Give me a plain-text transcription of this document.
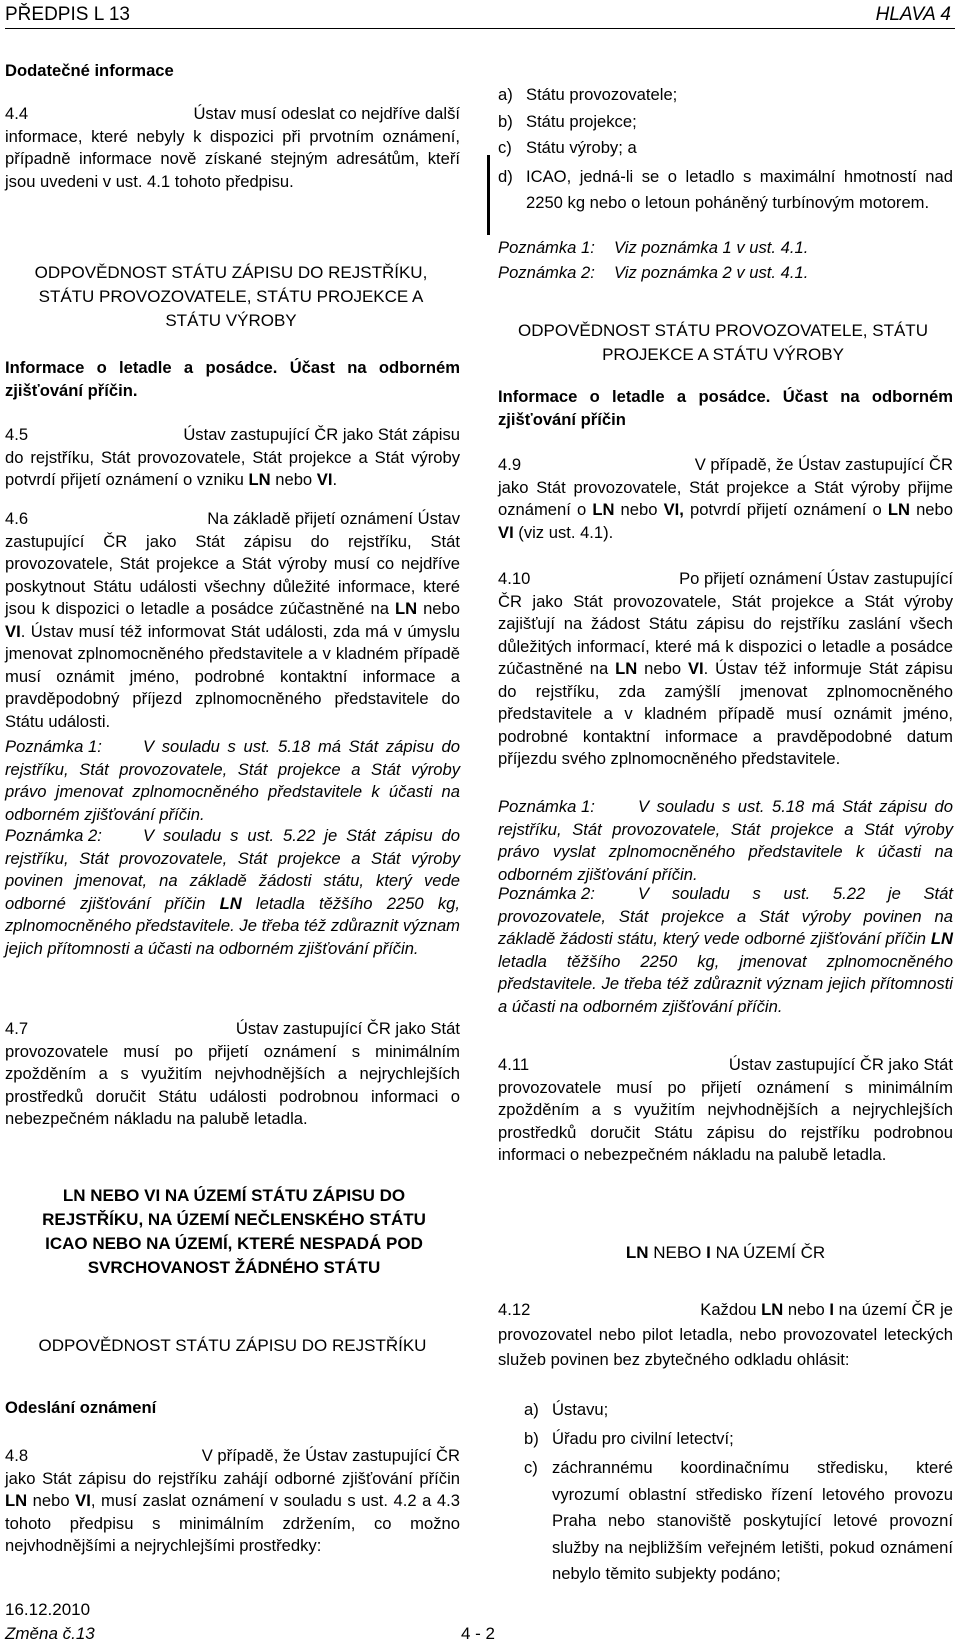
PŘEDPIS L 13	HLAVA 4
Dodatečné informace
4.4	Ústav musí odeslat co nejdříve další
informace, které nebyly k dispozici při prvotním oznámení, případně informace nově získané stejným adresátům, kteří jsou uvedeni v ust. 4.1 tohoto předpisu.
ODPOVĚDNOST STÁTU ZÁPISU DO REJSTŘÍKU, STÁTU PROVOZOVATELE, STÁTU PROJEKCE A STÁTU VÝROBY
Informace o letadle a posádce. Účast na odborném zjišťování příčin.
4.5	Ústav zastupující ČR jako Stát zápisu
do rejstříku, Stát provozovatele, Stát projekce a Stát výroby potvrdí přijetí oznámení o vzniku LN nebo VI.
4.6	Na základě přijetí oznámení Ústav
zastupující ČR jako Stát zápisu do rejstříku, Stát provozovatele, Stát projekce a Stát výroby musí co nejdříve poskytnout Státu události všechny důležité informace, které jsou k dispozici o letadle a posádce zúčastněné na LN nebo VI. Ústav musí též informovat Stát události, zda má v úmyslu jmenovat zplnomocněného představitele a v kladném případě musí oznámit jméno, podrobné kontaktní informace a pravděpodobný příjezd zplnomocněného představitele do Státu události.
Poznámka 1: V souladu s ust. 5.18 má Stát zápisu do rejstříku, Stát provozovatele, Stát projekce a Stát výroby právo jmenovat zplnomocněného představitele k účasti na odborném zjišťování příčin.
Poznámka 2: V souladu s ust. 5.22 je Stát zápisu do rejstříku, Stát provozovatele, Stát projekce a Stát výroby povinen jmenovat, na základě žádosti státu, který vede odborné zjišťování příčin LN letadla těžšího 2250 kg, zplnomocněného představitele. Je třeba též zdůraznit význam jejich přítomnosti a účasti na odborném zjišťování příčin.
4.7	Ústav zastupující ČR jako Stát
provozovatele musí po přijetí oznámení s minimálním zpožděním a s využitím nejvhodnějších a nejrychlejších prostředků doručit Státu události podrobnou informaci o nebezpečném nákladu na palubě letadla.
LN NEBO VI NA ÚZEMÍ STÁTU ZÁPISU DO REJSTŘÍKU, NA ÚZEMÍ NEČLENSKÉHO STÁTU ICAO NEBO NA ÚZEMÍ, KTERÉ NESPADÁ POD SVRCHOVANOST ŽÁDNÉHO STÁTU
ODPOVĚDNOST STÁTU ZÁPISU DO REJSTŘÍKU
Odeslání oznámení
4.8	V případě, že Ústav zastupující ČR
jako Stát zápisu do rejstříku zahájí odborné zjišťování příčin LN nebo VI, musí zaslat oznámení v souladu s ust. 4.2 a 4.3 tohoto předpisu s minimálním zdržením, co možno nejvhodnějšími a nejrychlejšími prostředky:
a) Státu provozovatele;
b) Státu projekce;
c) Státu výroby; a
d) ICAO, jedná-li se o letadlo s maximální hmotností nad 2250 kg nebo o letoun poháněný turbínovým motorem.
Poznámka 1: Viz poznámka 1 v ust. 4.1.
Poznámka 2: Viz poznámka 2 v ust. 4.1.
ODPOVĚDNOST STÁTU PROVOZOVATELE, STÁTU PROJEKCE A STÁTU VÝROBY
Informace o letadle a posádce. Účast na odborném zjišťování příčin
4.9	V případě, že Ústav zastupující ČR
jako Stát provozovatele, Stát projekce a Stát výroby přijme oznámení o LN nebo VI, potvrdí přijetí oznámení o LN nebo VI (viz ust. 4.1).
4.10	Po přijetí oznámení Ústav zastupující
ČR jako Stát provozovatele, Stát projekce a Stát výroby zajišťují na žádost Státu zápisu do rejstříku zaslání všech důležitých informací, které má k dispozici o letadle a posádce zúčastněné na LN nebo VI. Ústav též informuje Stát zápisu do rejstříku, zda zamýšlí jmenovat zplnomocněného představitele a v kladném případě musí oznámit jméno, podrobné kontaktní informace a pravděpodobné datum příjezdu svého zplnomocněného představitele.
Poznámka 1:	V souladu s ust. 5.18 má Stát zápisu do rejstříku, Stát provozovatele, Stát projekce a Stát výroby právo vyslat zplnomocněného představitele k účasti na odborném zjišťování příčin.
Poznámka 2:	V souladu s ust. 5.22 je Stát provozovatele, Stát projekce a Stát výroby povinen na základě žádosti státu, který vede odborné zjišťování příčin LN letadla těžšího 2250 kg, jmenovat zplnomocněného představitele. Je třeba též zdůraznit význam jejich přítomnosti a účasti na odborném zjišťování příčin.
4.11	Ústav zastupující ČR jako Stát
provozovatele musí po přijetí oznámení s minimálním zpožděním a s využitím nejvhodnějších a nejrychlejších prostředků doručit Státu zápisu do rejstříku podrobnou informaci o nebezpečném nákladu na palubě letadla.
LN NEBO I NA ÚZEMÍ ČR
4.12	Každou LN nebo I na území ČR je
provozovatel nebo pilot letadla, nebo provozovatel leteckých služeb povinen bez zbytečného odkladu ohlásit:
a) Ústavu;
b) Úřadu pro civilní letectví;
c) záchrannému koordinačnímu středisku, které vyrozumí oblastní středisko řízení letového provozu Praha nebo stanoviště poskytující letové provozní služby na nejbližším veřejném letišti, pokud oznámení nebylo těmito subjekty podáno;
16.12.2010
Změna č.13	4 - 2
